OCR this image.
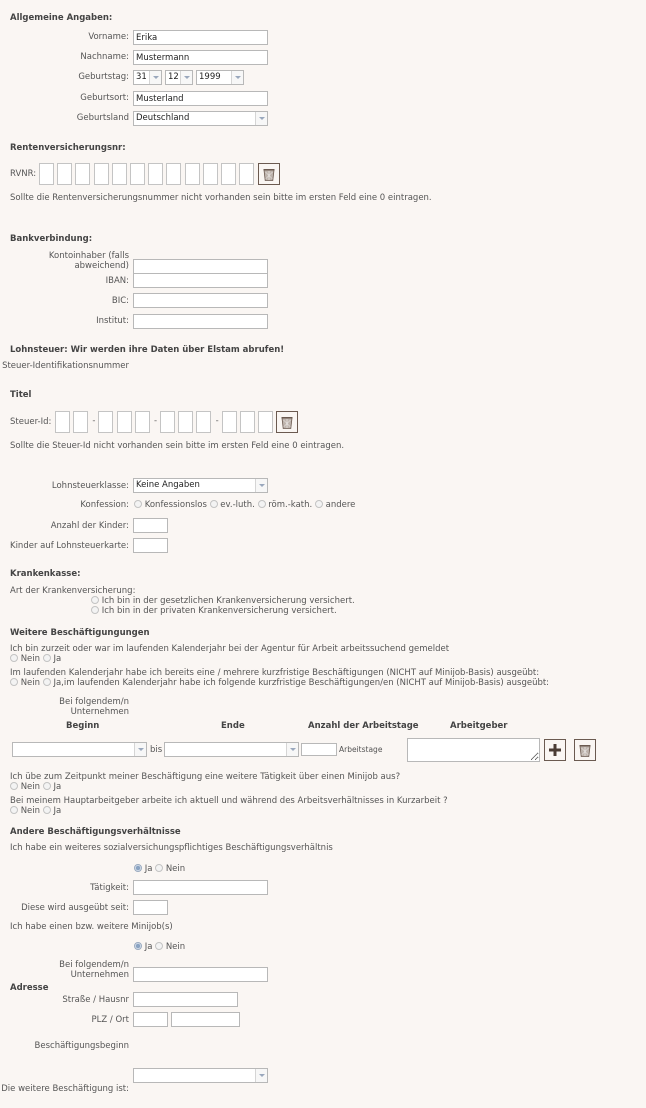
Allgemeine Angaben:
Vorname:
Erika
Nachname:
Mustermann
Geburtstag: 31	12	1999
Geburtsort:
Musterland
Geburtsland Deutschland
Rentenversicherungsnr:
RVNR:
Sollte die Rentenversicherungsnummer nicht vorhanden sein bitte im ersten Feld eine 0 eintragen.
Bankverbindung:
Kontoinhaber (falls abweichend)
IBAN:
BIC:
Institut:
Lohnsteuer: Wir werden ihre Daten über Elstam abrufen!
Steuer-Identifikationsnummer
Titel
Steuer-Id:	-	-	-
Sollte die Steuer-Id nicht vorhanden sein bitte im ersten Feld eine 0 eintragen.
Lohnsteuerklasse: Keine Angaben
Konfession:	Konfessionslos ev.-luth. röm.-kath. andere
Anzahl der Kinder:
Kinder auf Lohnsteuerkarte:
Krankenkasse:
Art der Krankenversicherung:
Ich bin in der gesetzlichen Krankenversicherung versichert.
Ich bin in der privaten Krankenversicherung versichert.
Weitere Beschäftigungungen
Ich bin zurzeit oder war im laufenden Kalenderjahr bei der Agentur für Arbeit arbeitssuchend gemeldet
Nein Ja
Im laufenden Kalenderjahr habe ich bereits eine / mehrere kurzfristige Beschäftigungen (NICHT auf Minijob-Basis) ausgeübt:
Nein Ja,im laufenden Kalenderjahr habe ich folgende kurzfristige Beschäftigungen/en (NICHT auf Minijob-Basis) ausgeübt:
Bei folgendem/n Unternehmen
Beginn	Ende	Anzahl der Arbeitstage	Arbeitgeber
bis	Arbeitstage
Ich übe zum Zeitpunkt meiner Beschäftigung eine weitere Tätigkeit über einen Minijob aus?
Nein Ja
Bei meinem Hauptarbeitgeber arbeite ich aktuell und während des Arbeitsverhältnisses in Kurzarbeit ?
Nein Ja
Andere Beschäftigungsverhältnisse
Ich habe ein weiteres sozialversichungspflichtiges Beschäftigungsverhältnis
Ja Nein
Tätigkeit:
Diese wird ausgeübt seit:
Ich habe einen bzw. weitere Minijob(s)
Ja Nein
Bei folgendem/n Unternehmen
Adresse
Straße / Hausnr
PLZ / Ort
Beschäftigungsbeginn
Die weitere Beschäftigung ist:
